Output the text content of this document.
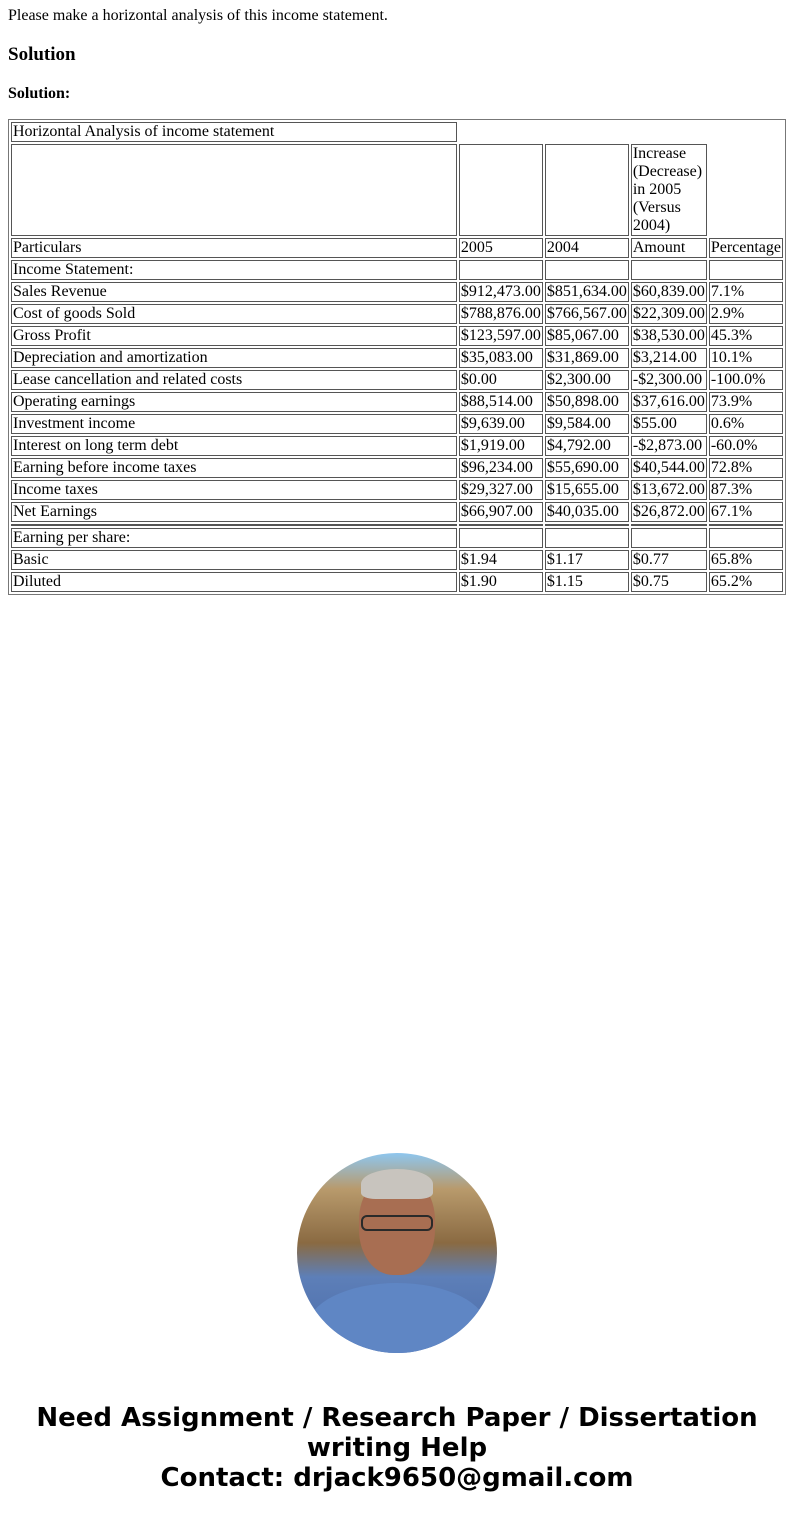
Please make a horizontal analysis of this income statement.
Solution
Solution:
Horizontal Analysis of income statement				
			Increase (Decrease) in 2005 (Versus 2004)	
Particulars	2005	2004	Amount	Percentage
Income Statement:				
Sales Revenue	$912,473.00	$851,634.00	$60,839.00	7.1%
Cost of goods Sold	$788,876.00	$766,567.00	$22,309.00	2.9%
Gross Profit	$123,597.00	$85,067.00	$38,530.00	45.3%
Depreciation and amortization	$35,083.00	$31,869.00	$3,214.00	10.1%
Lease cancellation and related costs	$0.00	$2,300.00	-$2,300.00	-100.0%
Operating earnings	$88,514.00	$50,898.00	$37,616.00	73.9%
Investment income	$9,639.00	$9,584.00	$55.00	0.6%
Interest on long term debt	$1,919.00	$4,792.00	-$2,873.00	-60.0%
Earning before income taxes	$96,234.00	$55,690.00	$40,544.00	72.8%
Income taxes	$29,327.00	$15,655.00	$13,672.00	87.3%
Net Earnings	$66,907.00	$40,035.00	$26,872.00	67.1%

Earning per share:				
Basic	$1.94	$1.17	$0.77	65.8%
Diluted	$1.90	$1.15	$0.75	65.2%
Need Assignment / Research Paper / Dissertation
writing Help
Contact: drjack9650@gmail.com
